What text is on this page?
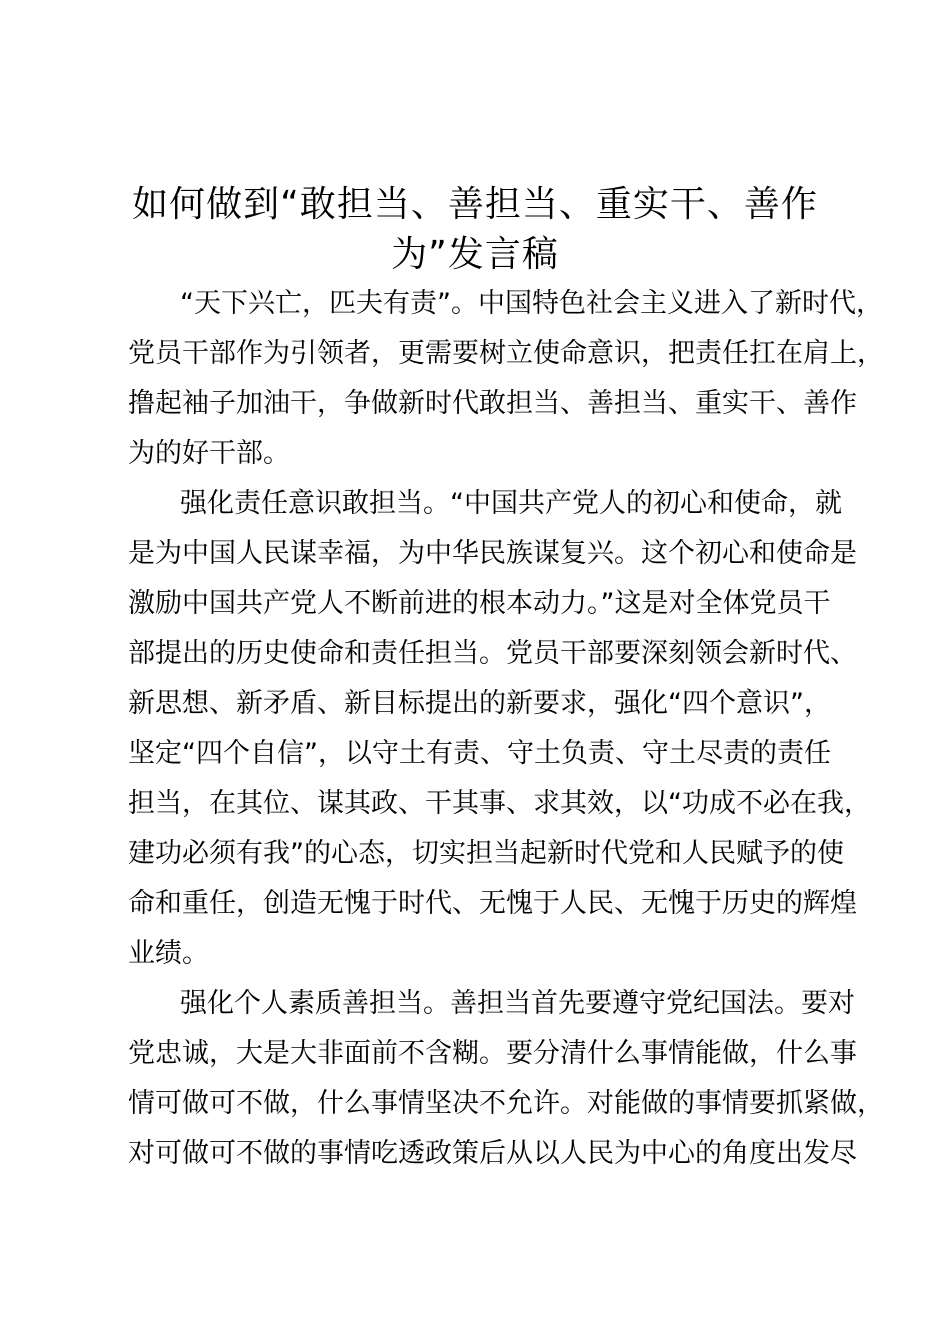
如何做到“敢担当、善担当、重实干、善作
为”发言稿
“天下兴亡，匹夫有责”。中国特色社会主义进入了新时代，
党员干部作为引领者，更需要树立使命意识，把责任扛在肩上，
撸起袖子加油干，争做新时代敢担当、善担当、重实干、善作
为的好干部。
强化责任意识敢担当。“中国共产党人的初心和使命，就
是为中国人民谋幸福，为中华民族谋复兴。这个初心和使命是
激励中国共产党人不断前进的根本动力。”这是对全体党员干
部提出的历史使命和责任担当。党员干部要深刻领会新时代、
新思想、新矛盾、新目标提出的新要求，强化“四个意识”，
坚定“四个自信”，以守土有责、守土负责、守土尽责的责任
担当，在其位、谋其政、干其事、求其效，以“功成不必在我，
建功必须有我”的心态，切实担当起新时代党和人民赋予的使
命和重任，创造无愧于时代、无愧于人民、无愧于历史的辉煌
业绩。
强化个人素质善担当。善担当首先要遵守党纪国法。要对
党忠诚，大是大非面前不含糊。要分清什么事情能做，什么事
情可做可不做，什么事情坚决不允许。对能做的事情要抓紧做，
对可做可不做的事情吃透政策后从以人民为中心的角度出发尽
